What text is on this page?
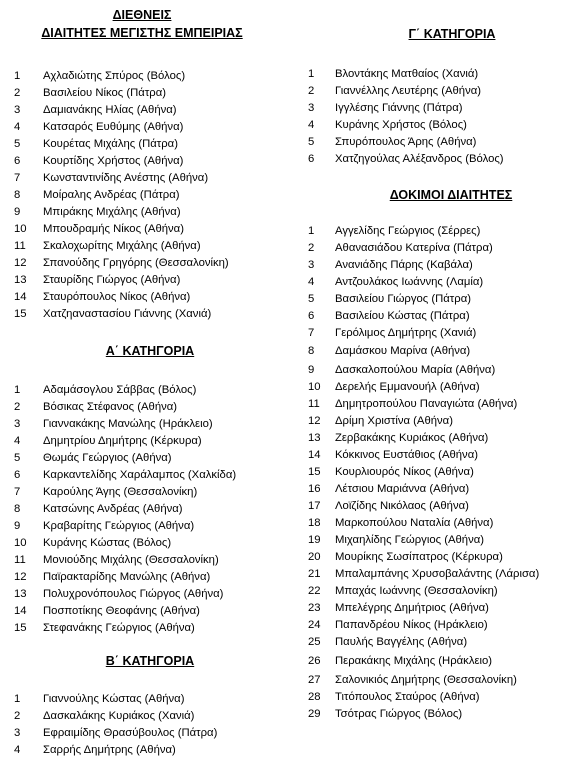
ΔΙΕΘΝΕΙΣ
ΔΙΑΙΤΗΤΕΣ ΜΕΓΙΣΤΗΣ ΕΜΠΕΙΡΙΑΣ
1 Αχλαδιώτης Σπύρος (Βόλος)
2 Βασιλείου Νίκος (Πάτρα)
3 Δαμιανάκης Ηλίας (Αθήνα)
4 Κατσαρός Ευθύμης (Αθήνα)
5 Κουρέτας Μιχάλης (Πάτρα)
6 Κουρτίδης Χρήστος (Αθήνα)
7 Κωνσταντινίδης Ανέστης (Αθήνα)
8 Μοίραλης Ανδρέας (Πάτρα)
9 Μπιράκης Μιχάλης (Αθήνα)
10 Μπουδραμής Νίκος (Αθήνα)
11 Σκαλοχωρίτης Μιχάλης (Αθήνα)
12 Σπανούδης Γρηγόρης (Θεσσαλονίκη)
13 Σταυρίδης Γιώργος (Αθήνα)
14 Σταυρόπουλος Νίκος (Αθήνα)
15 Χατζηαναστασίου Γιάννης (Χανιά)
Α΄ ΚΑΤΗΓΟΡΙΑ
1 Αδαμάσογλου Σάββας (Βόλος)
2 Βόσικας Στέφανος (Αθήνα)
3 Γιαννακάκης Μανώλης (Ηράκλειο)
4 Δημητρίου Δημήτρης (Κέρκυρα)
5 Θωμάς Γεώργιος (Αθήνα)
6 Καρκαντελίδης Χαράλαμπος (Χαλκίδα)
7 Καρούλης Άγης (Θεσσαλονίκη)
8 Κατσώνης Ανδρέας (Αθήνα)
9 Κραβαρίτης Γεώργιος (Αθήνα)
10 Κυράνης Κώστας (Βόλος)
11 Μονιούδης Μιχάλης (Θεσσαλονίκη)
12 Παϊρακταρίδης Μανώλης (Αθήνα)
13 Πολυχρονόπουλος Γιώργος (Αθήνα)
14 Ποσποτίκης Θεοφάνης (Αθήνα)
15 Στεφανάκης Γεώργιος (Αθήνα)
Β΄ ΚΑΤΗΓΟΡΙΑ
1 Γιαννούλης Κώστας (Αθήνα)
2 Δασκαλάκης Κυριάκος (Χανιά)
3 Εφραιμίδης Θρασύβουλος (Πάτρα)
4 Σαρρής Δημήτρης (Αθήνα)
Γ΄ ΚΑΤΗΓΟΡΙΑ
1 Βλοντάκης Ματθαίος (Χανιά)
2 Γιαννέλλης Λευτέρης (Αθήνα)
3 Ιγγλέσης Γιάννης (Πάτρα)
4 Κυράνης Χρήστος (Βόλος)
5 Σπυρόπουλος Άρης (Αθήνα)
6 Χατζηγούλας Αλέξανδρος (Βόλος)
ΔΟΚΙΜΟΙ ΔΙΑΙΤΗΤΕΣ
1 Αγγελίδης Γεώργιος (Σέρρες)
2 Αθανασιάδου Κατερίνα (Πάτρα)
3 Ανανιάδης Πάρης (Καβάλα)
4 Αντζουλάκος Ιωάννης (Λαμία)
5 Βασιλείου Γιώργος (Πάτρα)
6 Βασιλείου Κώστας (Πάτρα)
7 Γερόλιμος Δημήτρης (Χανιά)
8 Δαμάσκου Μαρίνα (Αθήνα)
9 Δασκαλοπούλου Μαρία (Αθήνα)
10 Δερελής Εμμανουήλ (Αθήνα)
11 Δημητροπούλου Παναγιώτα (Αθήνα)
12 Δρίμη Χριστίνα (Αθήνα)
13 Ζερβακάκης Κυριάκος (Αθήνα)
14 Κόκκινος Ευστάθιος (Αθήνα)
15 Κουρλιουρός Νίκος (Αθήνα)
16 Λέτσιου Μαριάννα (Αθήνα)
17 Λοϊζίδης Νικόλαος (Αθήνα)
18 Μαρκοπούλου Ναταλία (Αθήνα)
19 Μιχαηλίδης Γεώργιος (Αθήνα)
20 Μουρίκης Σωσίπατρος (Κέρκυρα)
21 Μπαλαμπάνης Χρυσοβαλάντης (Λάρισα)
22 Μπαχάς Ιωάννης (Θεσσαλονίκη)
23 Μπελέγρης Δημήτριος (Αθήνα)
24 Παπανδρέου Νίκος (Ηράκλειο)
25 Παυλής Βαγγέλης (Αθήνα)
26 Περακάκης Μιχάλης (Ηράκλειο)
27 Σαλονικιός Δημήτρης (Θεσσαλονίκη)
28 Τιτόπουλος Σταύρος (Αθήνα)
29 Τσότρας Γιώργος (Βόλος)
